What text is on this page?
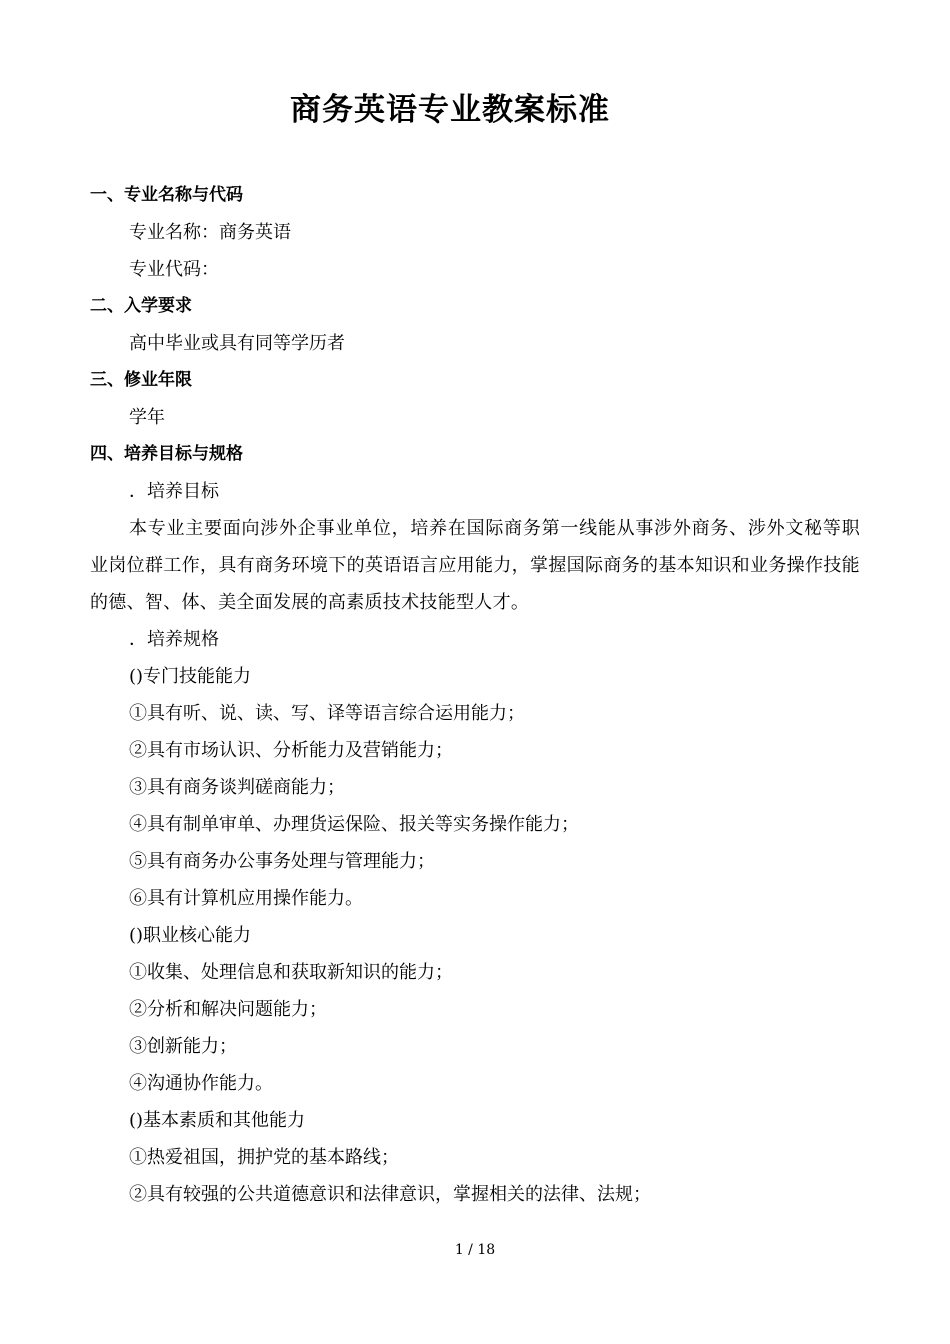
商务英语专业教案标准
一、专业名称与代码
专业名称：商务英语
专业代码：
二、入学要求
高中毕业或具有同等学历者
三、修业年限
学年
四、培养目标与规格
．培养目标
本专业主要面向涉外企事业单位，培养在国际商务第一线能从事涉外商务、涉外文秘等职业岗位群工作，具有商务环境下的英语语言应用能力，掌握国际商务的基本知识和业务操作技能的德、智、体、美全面发展的高素质技术技能型人才。
．培养规格
()专门技能能力
①具有听、说、读、写、译等语言综合运用能力；
②具有市场认识、分析能力及营销能力；
③具有商务谈判磋商能力；
④具有制单审单、办理货运保险、报关等实务操作能力；
⑤具有商务办公事务处理与管理能力；
⑥具有计算机应用操作能力。
()职业核心能力
①收集、处理信息和获取新知识的能力；
②分析和解决问题能力；
③创新能力；
④沟通协作能力。
()基本素质和其他能力
①热爱祖国，拥护党的基本路线；
②具有较强的公共道德意识和法律意识，掌握相关的法律、法规；
1 / 18
